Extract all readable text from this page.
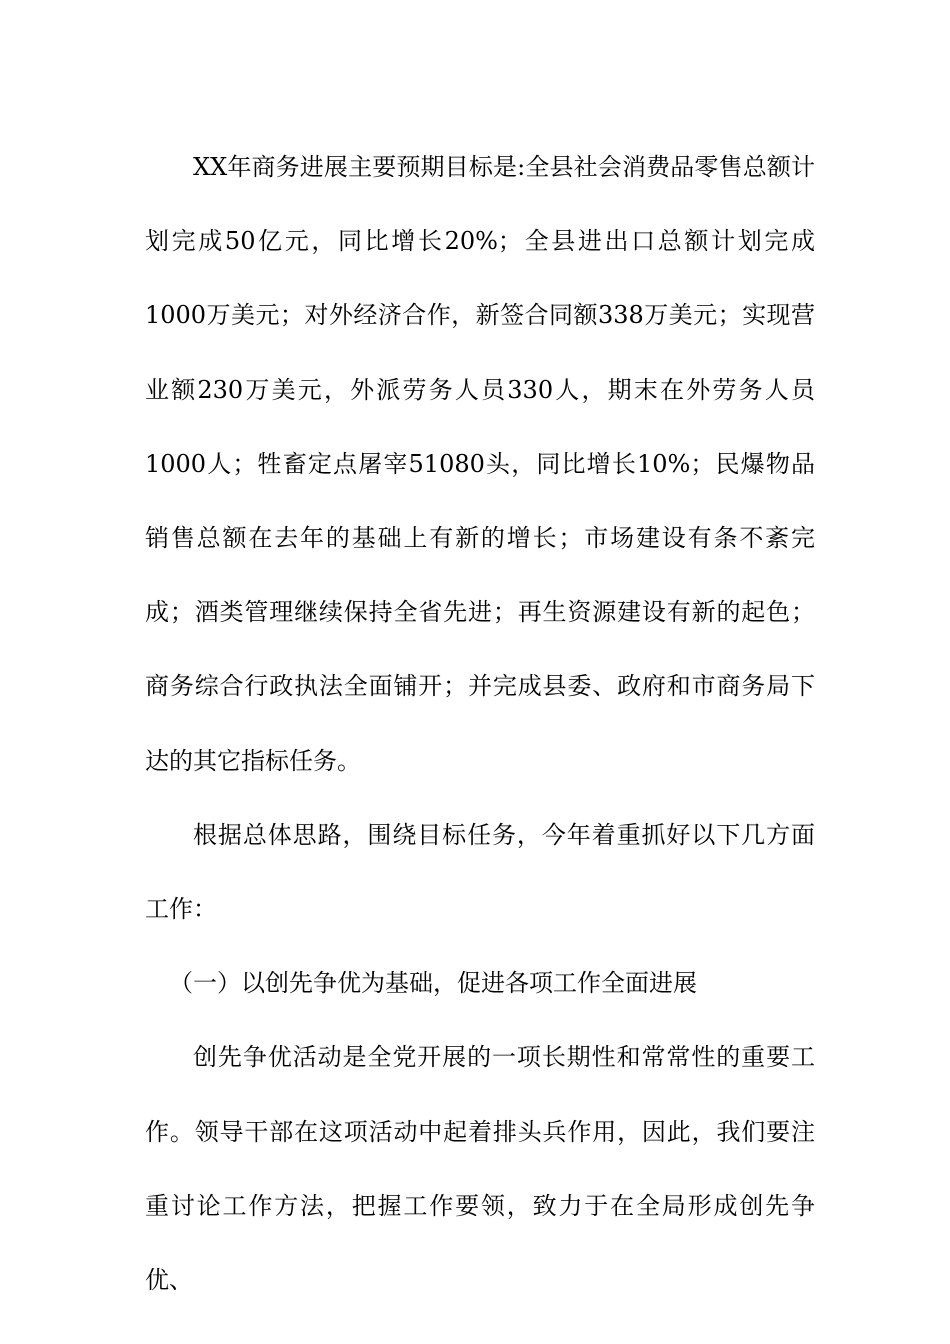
XX年商务进展主要预期目标是:全县社会消费品零售总额计划完成50亿元，同比增长20%；全县进出口总额计划完成1000万美元；对外经济合作，新签合同额338万美元；实现营业额230万美元，外派劳务人员330人，期末在外劳务人员1000人；牲畜定点屠宰51080头，同比增长10%；民爆物品销售总额在去年的基础上有新的增长；市场建设有条不紊完成；酒类管理继续保持全省先进；再生资源建设有新的起色；商务综合行政执法全面铺开；并完成县委、政府和市商务局下达的其它指标任务。

根据总体思路，围绕目标任务，今年着重抓好以下几方面工作：

（一）以创先争优为基础，促进各项工作全面进展

创先争优活动是全党开展的一项长期性和常常性的重要工作。领导干部在这项活动中起着排头兵作用，因此，我们要注重讨论工作方法，把握工作要领，致力于在全局形成创先争优、
